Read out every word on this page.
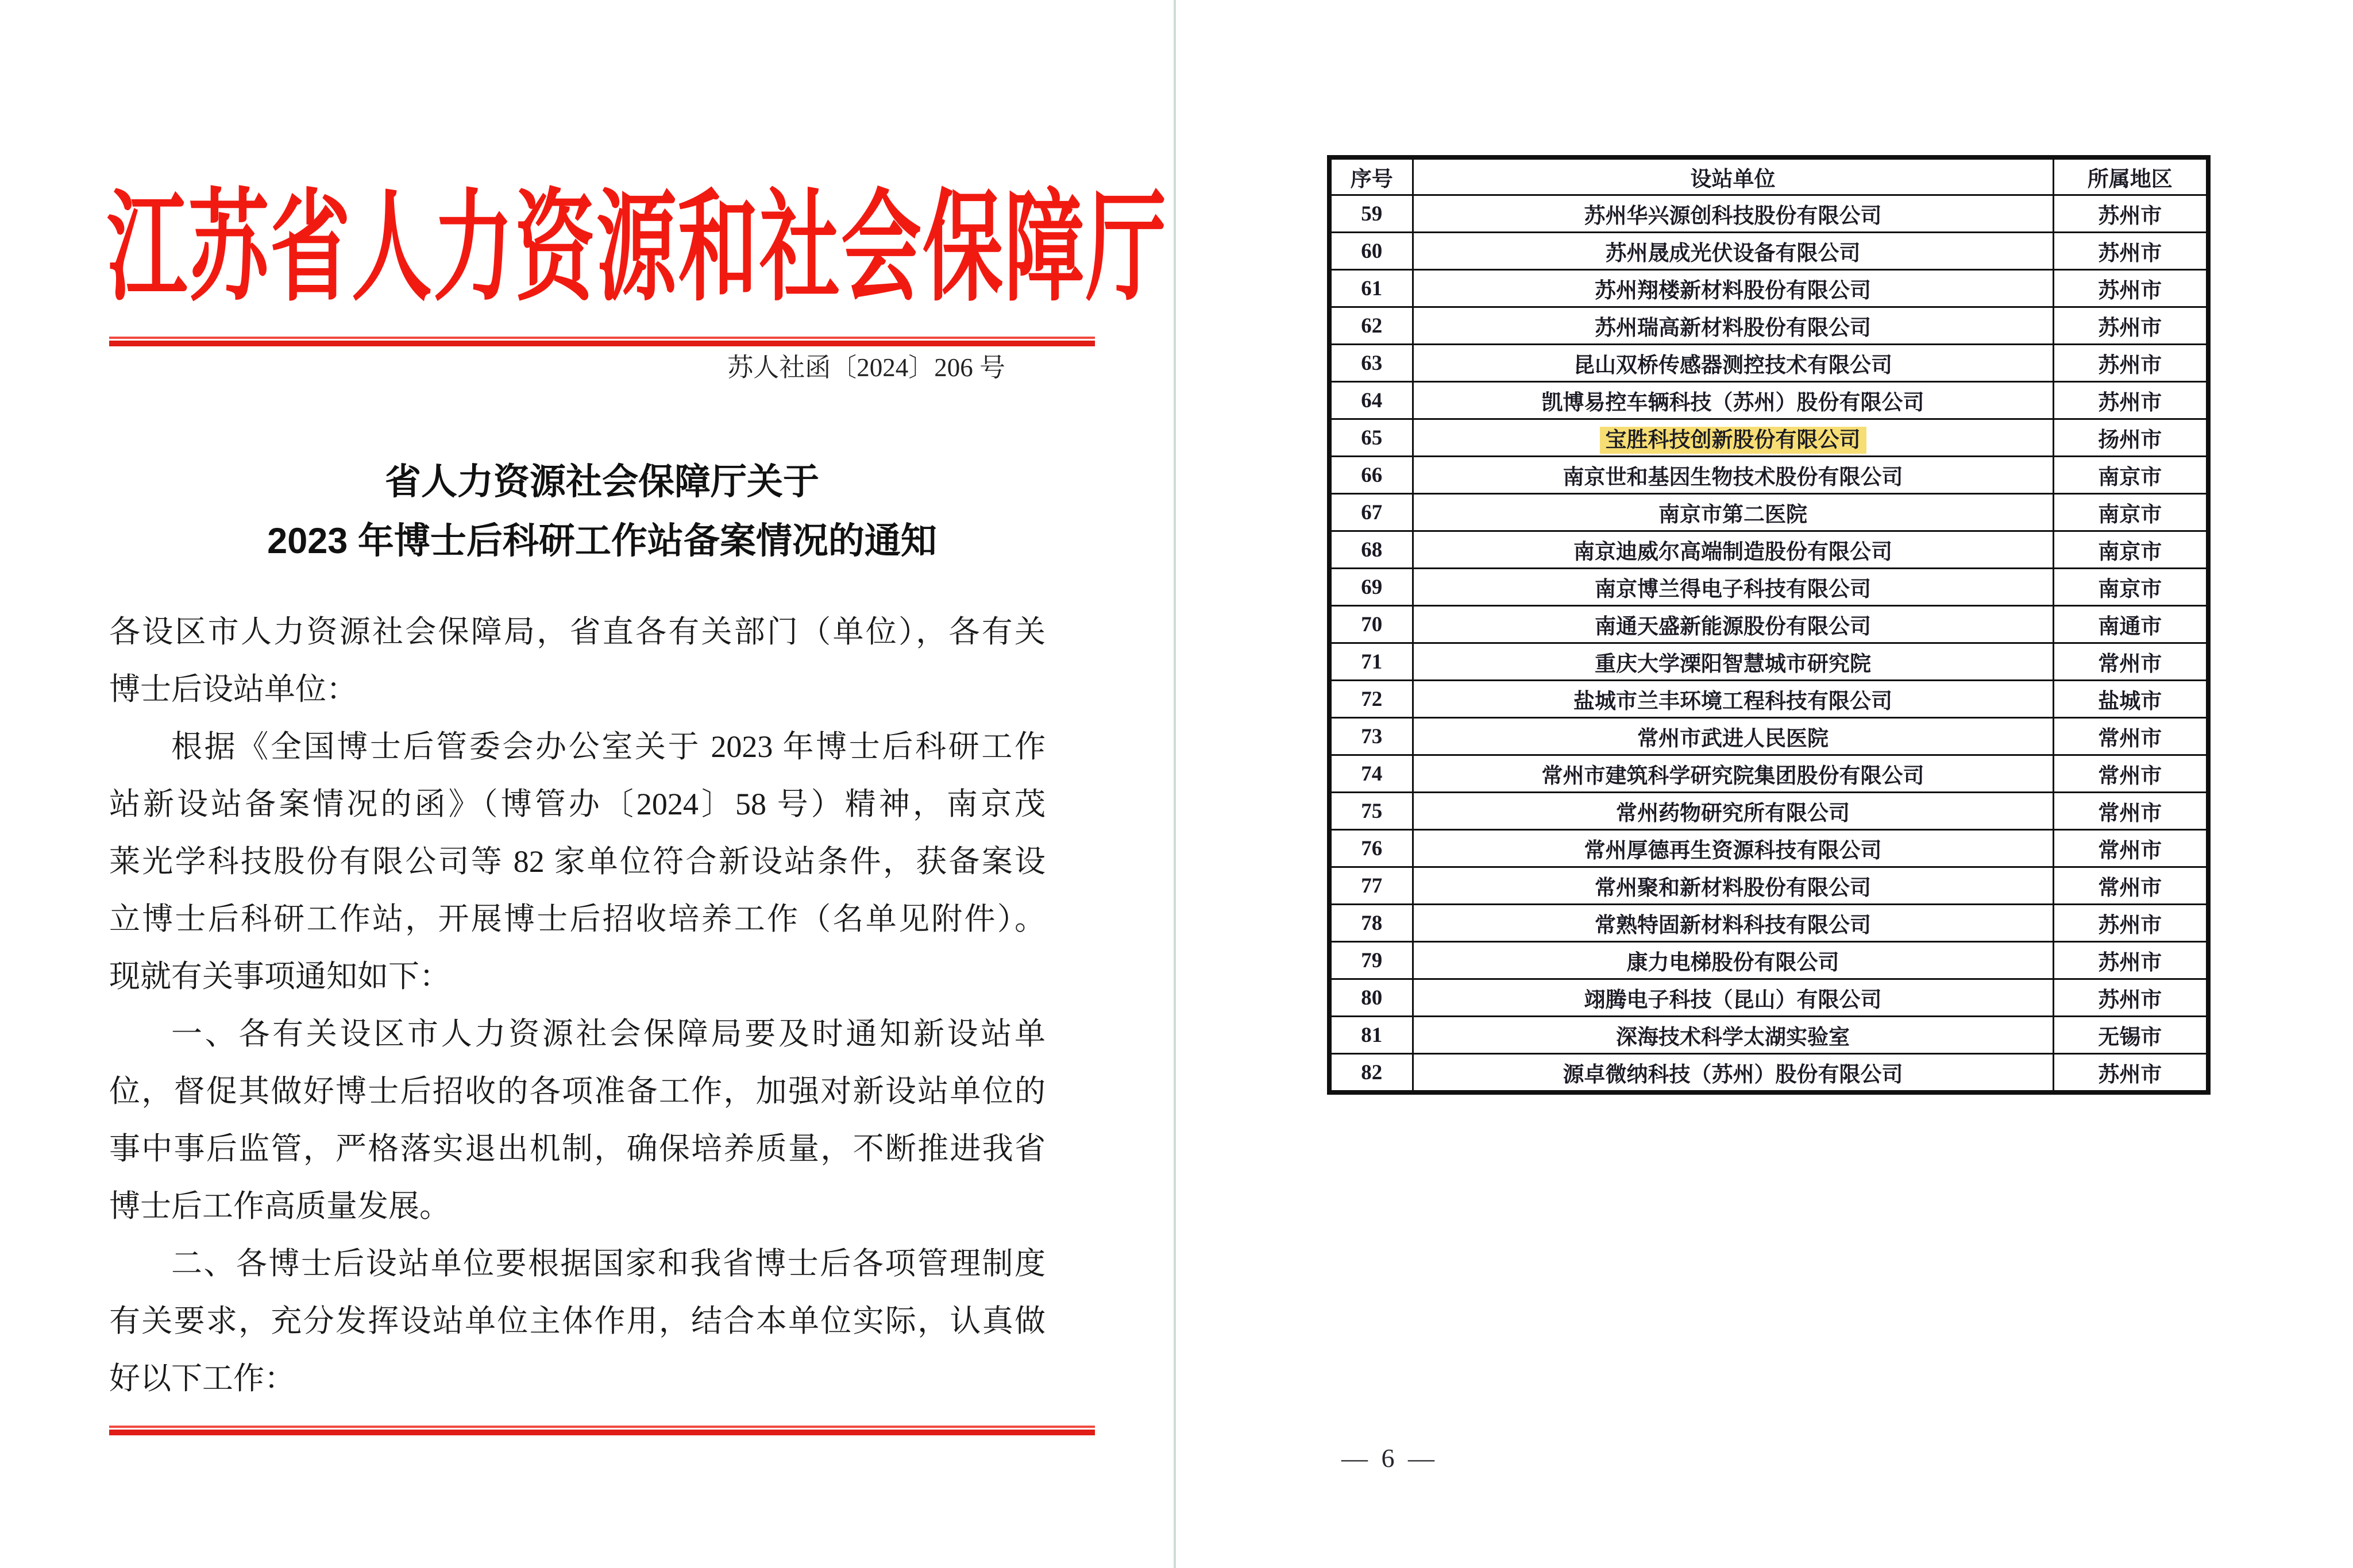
江苏省人力资源和社会保障厅
苏人社函〔2024〕206 号
省人力资源社会保障厅关于
2023 年博士后科研工作站备案情况的通知
各设区市人力资源社会保障局，省直各有关部门（单位），各有关
博士后设站单位：
根据《全国博士后管委会办公室关于 2023 年博士后科研工作
站新设站备案情况的函》（博管办〔2024〕58 号）精神，南京茂
莱光学科技股份有限公司等 82 家单位符合新设站条件，获备案设
立博士后科研工作站，开展博士后招收培养工作（名单见附件）。
现就有关事项通知如下：
一、各有关设区市人力资源社会保障局要及时通知新设站单
位，督促其做好博士后招收的各项准备工作，加强对新设站单位的
事中事后监管，严格落实退出机制，确保培养质量，不断推进我省
博士后工作高质量发展。
二、各博士后设站单位要根据国家和我省博士后各项管理制度
有关要求，充分发挥设站单位主体作用，结合本单位实际，认真做
好以下工作：
序号	设站单位	所属地区
59	苏州华兴源创科技股份有限公司	苏州市
60	苏州晟成光伏设备有限公司	苏州市
61	苏州翔楼新材料股份有限公司	苏州市
62	苏州瑞高新材料股份有限公司	苏州市
63	昆山双桥传感器测控技术有限公司	苏州市
64	凯博易控车辆科技（苏州）股份有限公司	苏州市
65	宝胜科技创新股份有限公司	扬州市
66	南京世和基因生物技术股份有限公司	南京市
67	南京市第二医院	南京市
68	南京迪威尔高端制造股份有限公司	南京市
69	南京博兰得电子科技有限公司	南京市
70	南通天盛新能源股份有限公司	南通市
71	重庆大学溧阳智慧城市研究院	常州市
72	盐城市兰丰环境工程科技有限公司	盐城市
73	常州市武进人民医院	常州市
74	常州市建筑科学研究院集团股份有限公司	常州市
75	常州药物研究所有限公司	常州市
76	常州厚德再生资源科技有限公司	常州市
77	常州聚和新材料股份有限公司	常州市
78	常熟特固新材料科技有限公司	苏州市
79	康力电梯股份有限公司	苏州市
80	翊腾电子科技（昆山）有限公司	苏州市
81	深海技术科学太湖实验室	无锡市
82	源卓微纳科技（苏州）股份有限公司	苏州市
— 6 —
